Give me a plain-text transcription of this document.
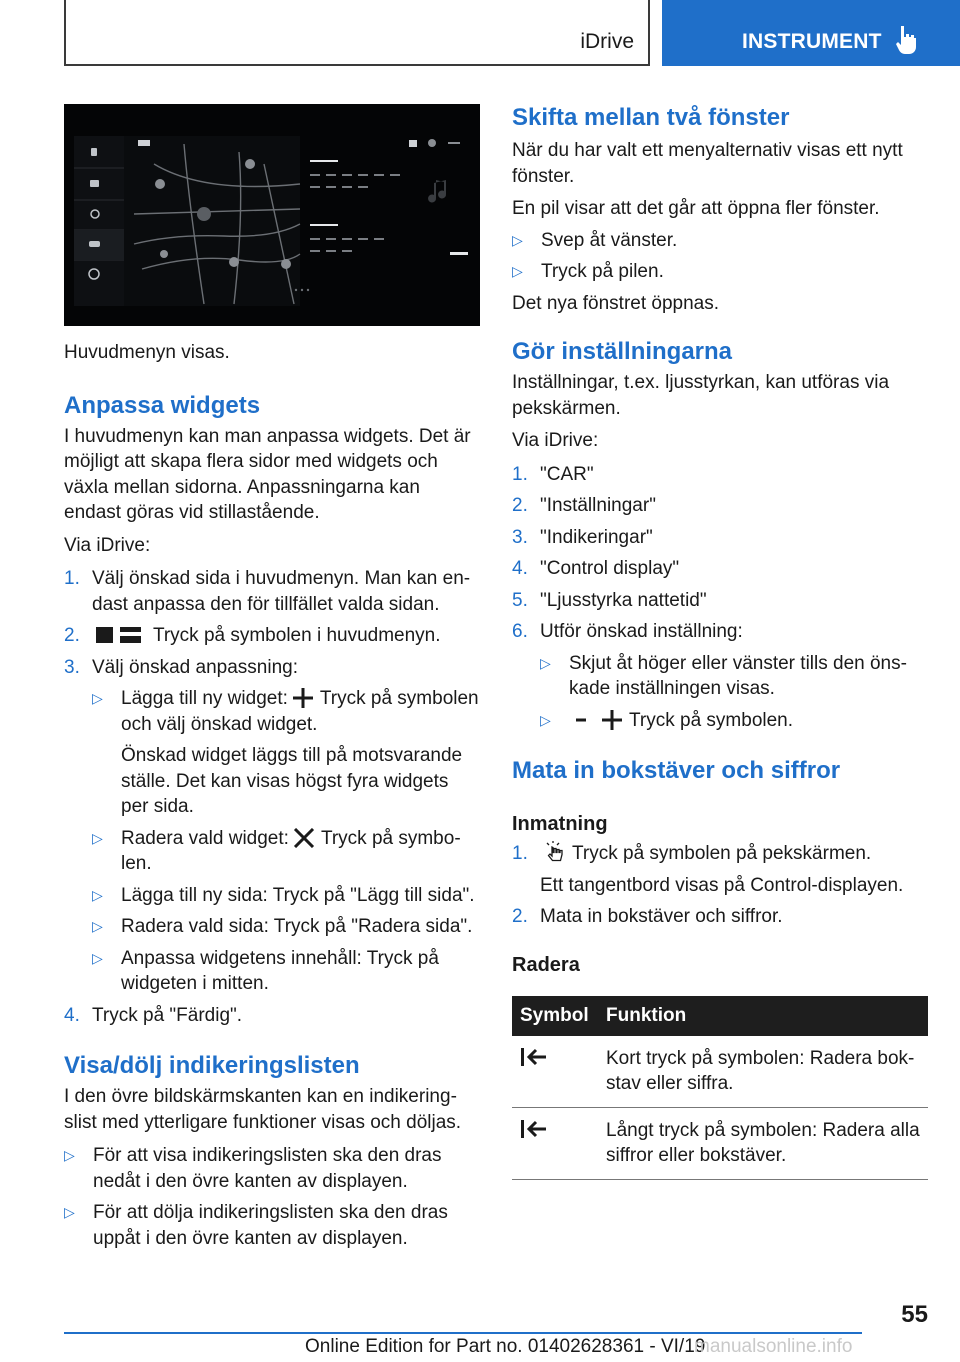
iDrive	INSTRUMENT

Huvudmenyn visas.

Anpassa widgets

I huvudmenyn kan man anpassa widgets. Det är möjligt att skapa flera sidor med widgets och växla mellan sidorna. Anpassningarna kan endast göras vid stillastående.

Via iDrive:

1. Välj önskad sida i huvudmenyn. Man kan endast anpassa den för tillfället valda sidan.
2.	Tryck på symbolen i huvudmenyn.
3. Välj önskad anpassning:
▷ Lägga till ny widget: Tryck på symbolen och välj önskad widget.

Önskad widget läggs till på motsvarande ställe. Det kan visas högst fyra widgets per sida.

▷ Radera vald widget: Tryck på symbolen.
▷ Lägga till ny sida: Tryck på "Lägg till sida".
▷ Radera vald sida: Tryck på "Radera sida".
▷ Anpassa widgetens innehåll: Tryck på widgeten i mitten.
4. Tryck på "Färdig".
Visa/dölj indikeringslisten

I den övre bildskärmskanten kan en indikeringslist med ytterligare funktioner visas och döljas.

▷ För att visa indikeringslisten ska den dras nedåt i den övre kanten av displayen.
▷ För att dölja indikeringslisten ska den dras uppåt i den övre kanten av displayen.
Skifta mellan två fönster

När du har valt ett menyalternativ visas ett nytt fönster.

En pil visar att det går att öppna fler fönster.

▷ Svep åt vänster.
▷ Tryck på pilen.

Det nya fönstret öppnas.

Gör inställningarna

Inställningar, t.ex. ljusstyrkan, kan utföras via pekskärmen.

Via iDrive:

1. "CAR"
2. "Inställningar"
3. "Indikeringar"
4. "Control display"
5. "Ljusstyrka nattetid"
6. Utför önskad inställning:
▷ Skjut åt höger eller vänster tills den önskade inställningen visas.
▷	Tryck på symbolen.
Mata in bokstäver och siffror
Inmatning
1. Tryck på symbolen på pekskärmen.

Ett tangentbord visas på Control-displayen.

2. Mata in bokstäver och siffror.
Radera
Symbol	Funktion
	Kort tryck på symbolen: Radera bokstav eller siffra.
	Långt tryck på symbolen: Radera alla siffror eller bokstäver.
55
Online Edition for Part no. 01402628361 - VI/19
manualsonline.info
